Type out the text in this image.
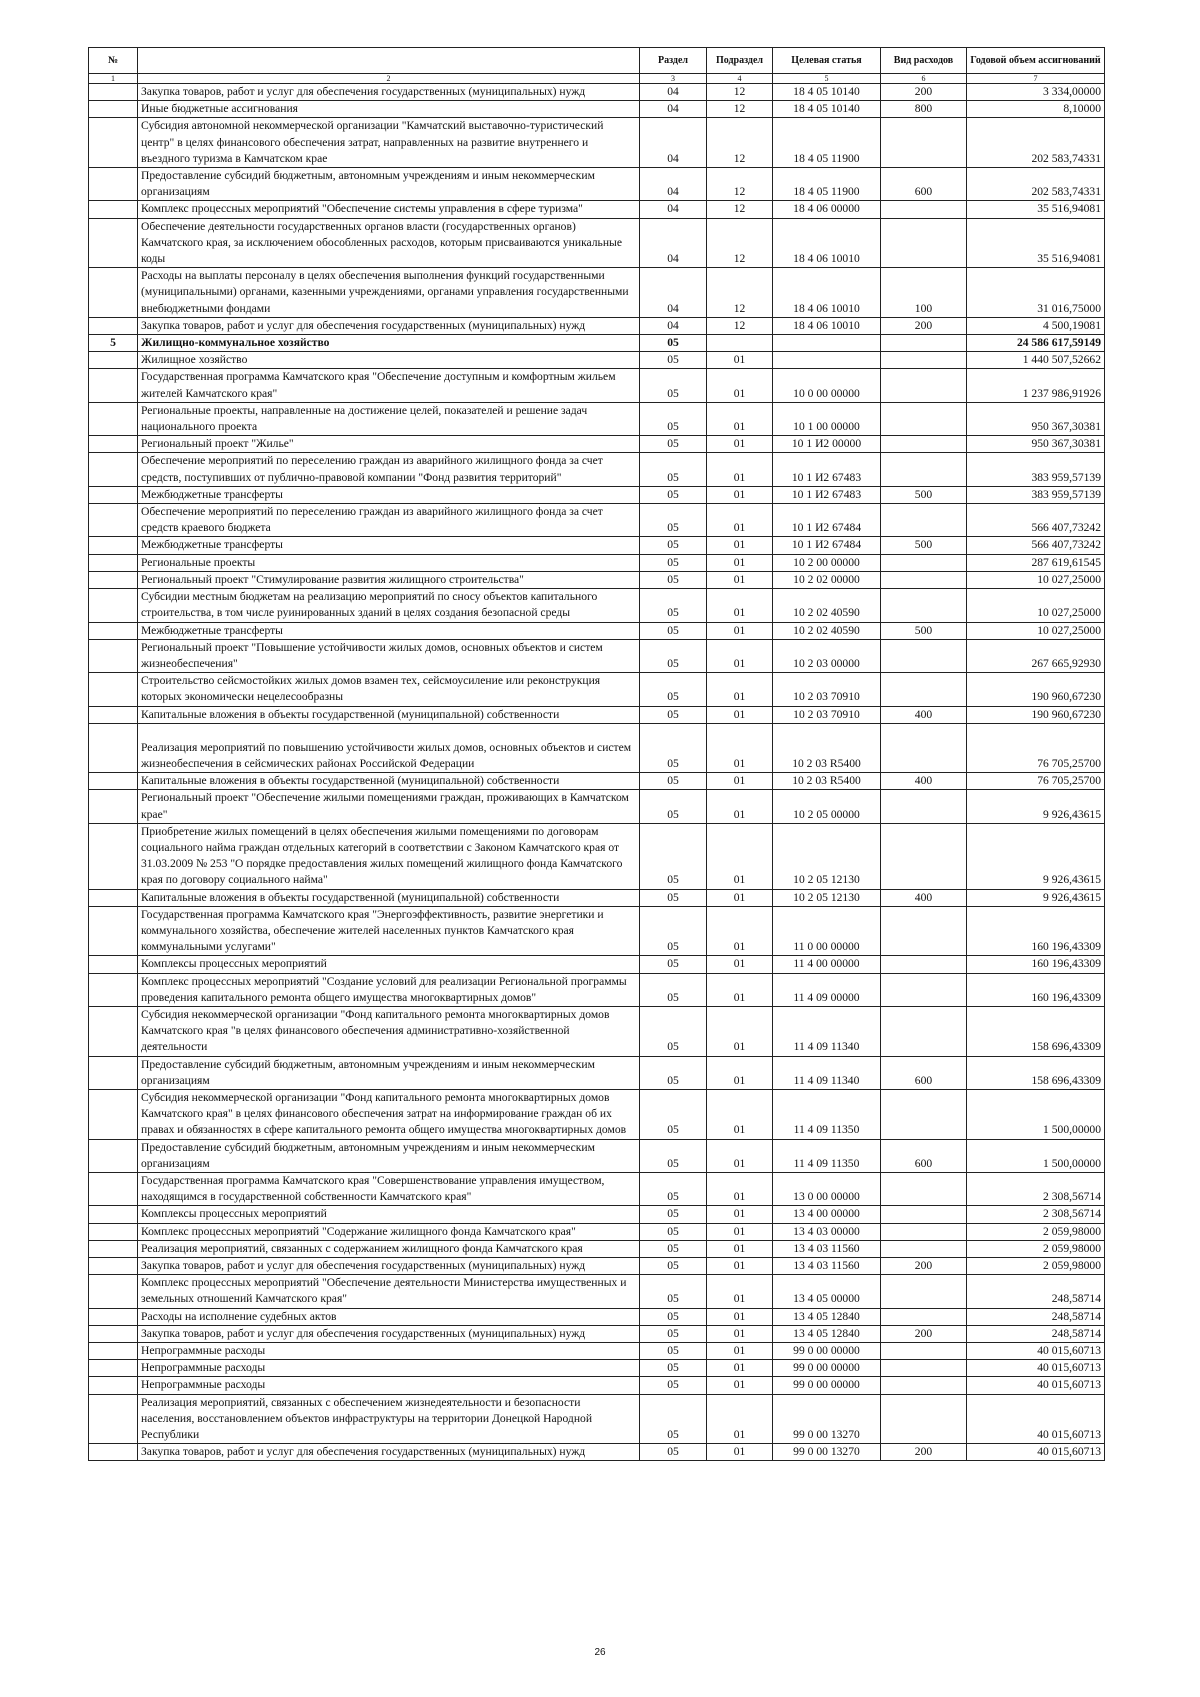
№		Раздел	Подраздел	Целевая статья	Вид расходов	Годовой объем ассигнований
1	2	3	4	5	6	7
	Закупка товаров, работ и услуг для обеспечения государственных (муниципальных) нужд	04	12	18 4 05 10140	200	3 334,00000
	Иные бюджетные ассигнования	04	12	18 4 05 10140	800	8,10000
	Субсидия автономной некоммерческой организации "Камчатский выставочно-туристический центр" в целях финансового обеспечения затрат, направленных на развитие внутреннего и въездного туризма в Камчатском крае	04	12	18 4 05 11900		202 583,74331
	Предоставление субсидий бюджетным, автономным учреждениям и иным некоммерческим организациям	04	12	18 4 05 11900	600	202 583,74331
	Комплекс процессных мероприятий "Обеспечение системы управления в сфере туризма"	04	12	18 4 06 00000		35 516,94081
	Обеспечение деятельности государственных органов власти (государственных органов) Камчатского края, за исключением обособленных расходов, которым присваиваются уникальные коды	04	12	18 4 06 10010		35 516,94081
	Расходы на выплаты персоналу в целях обеспечения выполнения функций государственными (муниципальными) органами, казенными учреждениями, органами управления государственными внебюджетными фондами	04	12	18 4 06 10010	100	31 016,75000
	Закупка товаров, работ и услуг для обеспечения государственных (муниципальных) нужд	04	12	18 4 06 10010	200	4 500,19081
5	Жилищно-коммунальное хозяйство	05				24 586 617,59149
	Жилищное хозяйство	05	01			1 440 507,52662
	Государственная программа Камчатского края "Обеспечение доступным и комфортным жильем жителей Камчатского края"	05	01	10 0 00 00000		1 237 986,91926
	Региональные проекты, направленные на достижение целей, показателей и решение задач национального проекта	05	01	10 1 00 00000		950 367,30381
	Региональный проект "Жилье"	05	01	10 1 И2 00000		950 367,30381
	Обеспечение мероприятий по переселению граждан из аварийного жилищного фонда за счет средств, поступивших от публично-правовой компании "Фонд развития территорий"	05	01	10 1 И2 67483		383 959,57139
	Межбюджетные трансферты	05	01	10 1 И2 67483	500	383 959,57139
	Обеспечение мероприятий по переселению граждан из аварийного жилищного фонда за счет средств краевого бюджета	05	01	10 1 И2 67484		566 407,73242
	Межбюджетные трансферты	05	01	10 1 И2 67484	500	566 407,73242
	Региональные проекты	05	01	10 2 00 00000		287 619,61545
	Региональный проект "Стимулирование развития жилищного строительства"	05	01	10 2 02 00000		10 027,25000
	Субсидии местным бюджетам на реализацию мероприятий по сносу объектов капитального строительства, в том числе руинированных зданий в целях создания безопасной среды	05	01	10 2 02 40590		10 027,25000
	Межбюджетные трансферты	05	01	10 2 02 40590	500	10 027,25000
	Региональный проект "Повышение устойчивости жилых домов, основных объектов и систем жизнеобеспечения"	05	01	10 2 03 00000		267 665,92930
	Строительство сейсмостойких жилых домов взамен тех, сейсмоусиление или реконструкция которых экономически нецелесообразны	05	01	10 2 03 70910		190 960,67230
	Капитальные вложения в объекты государственной (муниципальной) собственности	05	01	10 2 03 70910	400	190 960,67230
	Реализация мероприятий по повышению устойчивости жилых домов, основных объектов и систем жизнеобеспечения в сейсмических районах Российской Федерации	05	01	10 2 03 R5400		76 705,25700
	Капитальные вложения в объекты государственной (муниципальной) собственности	05	01	10 2 03 R5400	400	76 705,25700
	Региональный проект "Обеспечение жилыми помещениями граждан, проживающих в Камчатском крае"	05	01	10 2 05 00000		9 926,43615
	Приобретение жилых помещений в целях обеспечения жилыми помещениями по договорам социального найма граждан отдельных категорий в соответствии с Законом Камчатского края от 31.03.2009 № 253 "О порядке предоставления жилых помещений жилищного фонда Камчатского края по договору социального найма"	05	01	10 2 05 12130		9 926,43615
	Капитальные вложения в объекты государственной (муниципальной) собственности	05	01	10 2 05 12130	400	9 926,43615
	Государственная программа Камчатского края "Энергоэффективность, развитие энергетики и коммунального хозяйства, обеспечение жителей населенных пунктов Камчатского края коммунальными услугами"	05	01	11 0 00 00000		160 196,43309
	Комплексы процессных мероприятий	05	01	11 4 00 00000		160 196,43309
	Комплекс процессных мероприятий "Создание условий для реализации Региональной программы проведения капитального ремонта общего имущества многоквартирных домов"	05	01	11 4 09 00000		160 196,43309
	Субсидия некоммерческой организации "Фонд капитального ремонта многоквартирных домов Камчатского края "в целях финансового обеспечения административно-хозяйственной деятельности	05	01	11 4 09 11340		158 696,43309
	Предоставление субсидий бюджетным, автономным учреждениям и иным некоммерческим организациям	05	01	11 4 09 11340	600	158 696,43309
	Субсидия некоммерческой организации "Фонд капитального ремонта многоквартирных домов Камчатского края" в целях финансового обеспечения затрат на информирование граждан об их правах и обязанностях в сфере капитального ремонта общего имущества многоквартирных домов	05	01	11 4 09 11350		1 500,00000
	Предоставление субсидий бюджетным, автономным учреждениям и иным некоммерческим организациям	05	01	11 4 09 11350	600	1 500,00000
	Государственная программа Камчатского края "Совершенствование управления имуществом, находящимся в государственной собственности Камчатского края"	05	01	13 0 00 00000		2 308,56714
	Комплексы процессных мероприятий	05	01	13 4 00 00000		2 308,56714
	Комплекс процессных мероприятий "Содержание жилищного фонда Камчатского края"	05	01	13 4 03 00000		2 059,98000
	Реализация мероприятий, связанных с содержанием жилищного фонда Камчатского края	05	01	13 4 03 11560		2 059,98000
	Закупка товаров, работ и услуг для обеспечения государственных (муниципальных) нужд	05	01	13 4 03 11560	200	2 059,98000
	Комплекс процессных мероприятий "Обеспечение деятельности Министерства имущественных и земельных отношений Камчатского края"	05	01	13 4 05 00000		248,58714
	Расходы на исполнение судебных актов	05	01	13 4 05 12840		248,58714
	Закупка товаров, работ и услуг для обеспечения государственных (муниципальных) нужд	05	01	13 4 05 12840	200	248,58714
	Непрограммные расходы	05	01	99 0 00 00000		40 015,60713
	Непрограммные расходы	05	01	99 0 00 00000		40 015,60713
	Непрограммные расходы	05	01	99 0 00 00000		40 015,60713
	Реализация мероприятий, связанных с обеспечением жизнедеятельности и безопасности населения, восстановлением объектов инфраструктуры на территории Донецкой Народной Республики	05	01	99 0 00 13270		40 015,60713
	Закупка товаров, работ и услуг для обеспечения государственных (муниципальных) нужд	05	01	99 0 00 13270	200	40 015,60713
26
